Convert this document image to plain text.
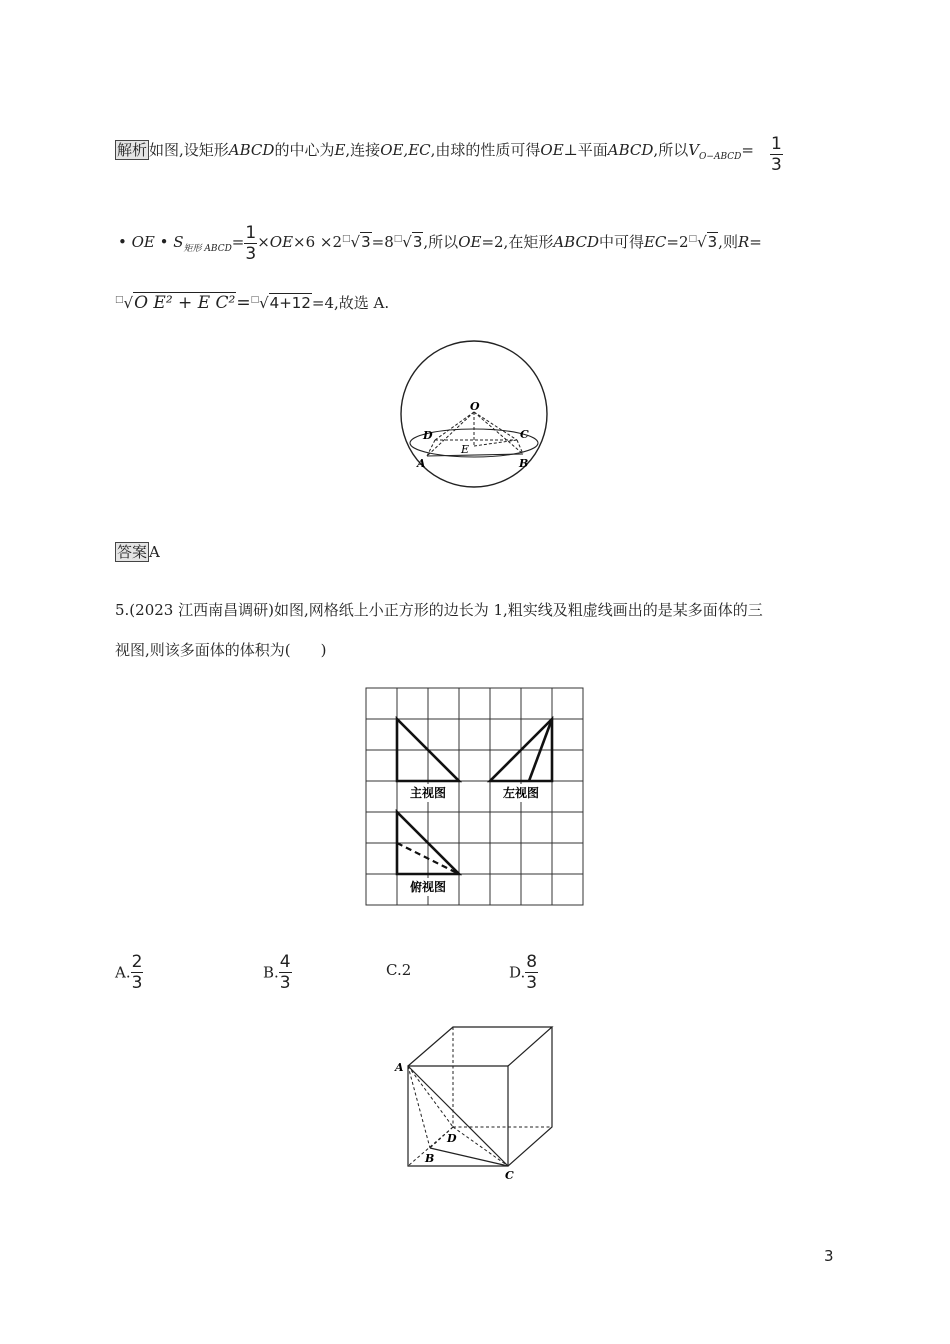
解析 如图,设矩形ABCD的中心为E,连接OE,EC,由球的性质可得OE⊥平面ABCD,所以$V_{O-ABCD}= \frac{1}{3}$
• OE • $S_{矩形 ABCD}= \frac{1}{3} \times OE\times 6 \times 2^□√3=8^□√3$,所以OE=2,在矩形ABCD中可得EC=2□√3,则R=
□√O E² + E C²=□√4+12=4,故选 A.
O
D	C
E
A	B
答案 A
5.(2023 江西南昌调研)如图,网格纸上小正方形的边长为 1,粗实线及粗虚线画出的是某多面体的三
视图,则该多面体的体积为(　　)
主视图	左视图
俯视图
A. $\frac{2}{3}$	B. $\frac{4}{3}$	C.2	D. $\frac{8}{3}$
A
D
B
C
3
